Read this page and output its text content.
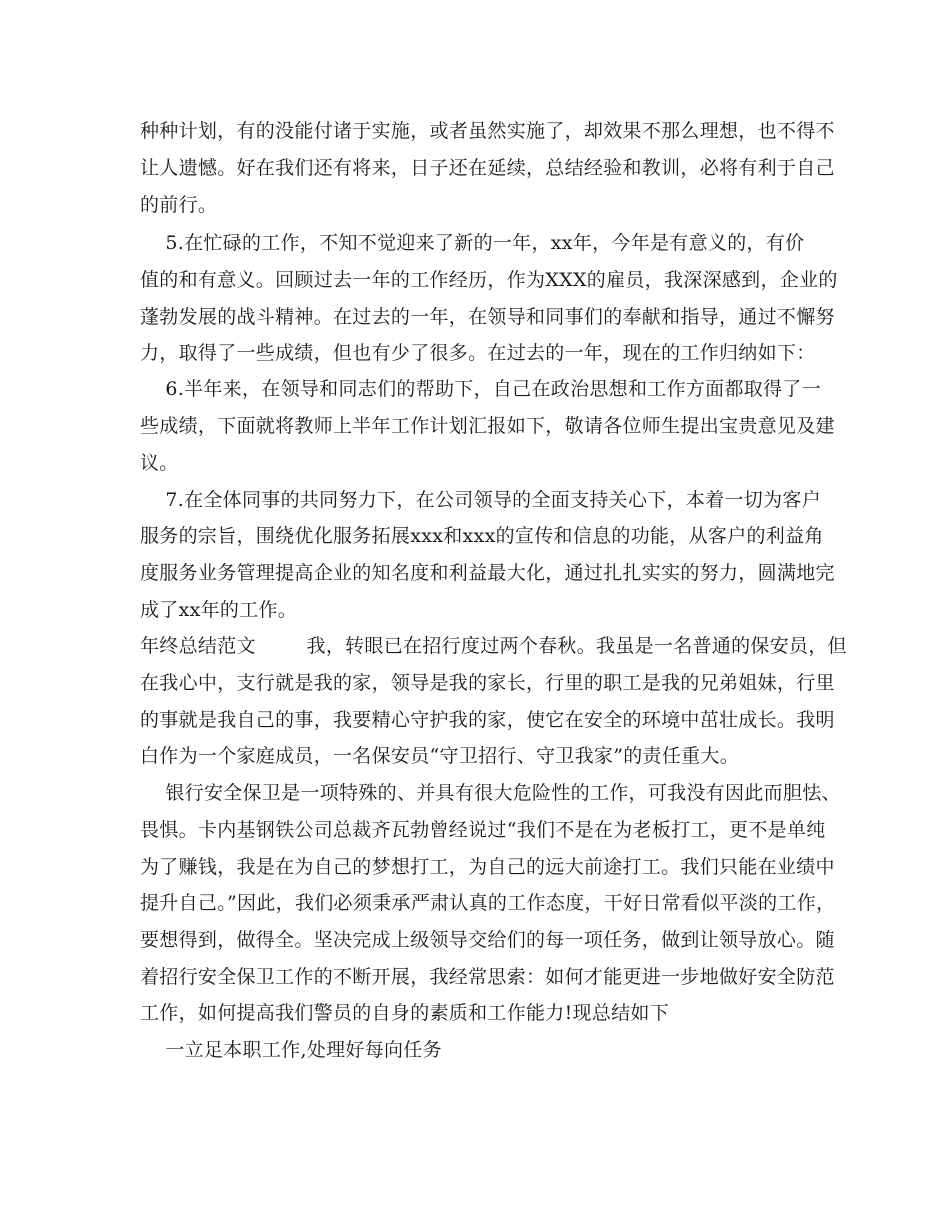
种种计划，有的没能付诸于实施，或者虽然实施了，却效果不那么理想，也不得不
让人遗憾。好在我们还有将来，日子还在延续，总结经验和教训，必将有利于自己
的前行。
5.在忙碌的工作，不知不觉迎来了新的一年，xx年，今年是有意义的，有价
值的和有意义。回顾过去一年的工作经历，作为XXX的雇员，我深深感到，企业的
蓬勃发展的战斗精神。在过去的一年，在领导和同事们的奉献和指导，通过不懈努
力，取得了一些成绩，但也有少了很多。在过去的一年，现在的工作归纳如下：
6.半年来，在领导和同志们的帮助下，自己在政治思想和工作方面都取得了一
些成绩，下面就将教师上半年工作计划汇报如下，敬请各位师生提出宝贵意见及建
议。
7.在全体同事的共同努力下，在公司领导的全面支持关心下，本着一切为客户
服务的宗旨，围绕优化服务拓展xxx和xxx的宣传和信息的功能，从客户的利益角
度服务业务管理提高企业的知名度和利益最大化，通过扎扎实实的努力，圆满地完
成了xx年的工作。
年终总结范文        我，转眼已在招行度过两个春秋。我虽是一名普通的保安员，但
在我心中，支行就是我的家，领导是我的家长，行里的职工是我的兄弟姐妹，行里
的事就是我自己的事，我要精心守护我的家，使它在安全的环境中茁壮成长。我明
白作为一个家庭成员，一名保安员“守卫招行、守卫我家”的责任重大。
银行安全保卫是一项特殊的、并具有很大危险性的工作，可我没有因此而胆怯、
畏惧。卡内基钢铁公司总裁齐瓦勃曾经说过“我们不是在为老板打工，更不是单纯
为了赚钱，我是在为自己的梦想打工，为自己的远大前途打工。我们只能在业绩中
提升自己。”因此，我们必须秉承严肃认真的工作态度，干好日常看似平淡的工作，
要想得到，做得全。坚决完成上级领导交给们的每一项任务，做到让领导放心。随
着招行安全保卫工作的不断开展，我经常思索：如何才能更进一步地做好安全防范
工作，如何提高我们警员的自身的素质和工作能力!现总结如下
一立足本职工作,处理好每向任务
